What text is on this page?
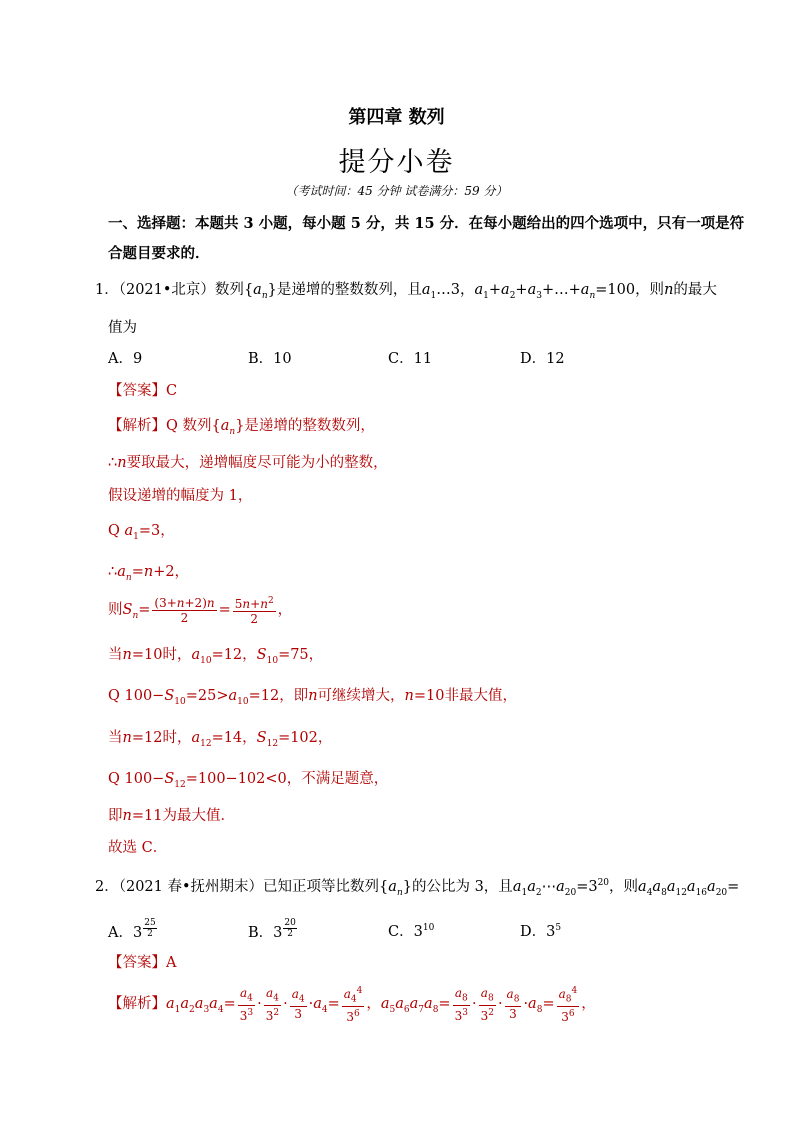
第四章 数列
提分小卷
（考试时间：45 分钟 试卷满分：59 分）
一、选择题：本题共 3 小题，每小题 5 分，共 15 分．在每小题给出的四个选项中，只有一项是符
合题目要求的．
1．（2021•北京）数列$\{a_n\}$是递增的整数数列，且$a_1\dots 3$，$a_1+a_2+a_3+\dots+a_n=100$，则n的最大
值为
A．9	B．10	C．11	D．12
【答案】C
【解析】Q 数列$\{a_n\}$是递增的整数数列，
∴n要取最大，递增幅度尽可能为小的整数，
假设递增的幅度为 1，
Q $a_1=3$，
$\therefore a_n=n+2$，
则$S_n= \frac{(3+n+2)n}{2} = \frac{5n+n^2}{2}$ ，
当n=10时，$a_{10}=12$，$S_{10}=75$，
Q $100-S_{10}=25>a_{10}=12$，即n可继续增大，n=10非最大值，
当n=12时，$a_{12}=14$，$S_{12}=102$，
Q $100-S_{12}=100-102<0$，不满足题意，
即n=11为最大值．
故选 C．
2．（2021 春•抚州期末）已知正项等比数列$\{a_n\}$的公比为 3，且$a_1a_2\cdots a_{20}=3^{20}$，则$a_4a_8a_{12}a_{16}a_{20}=$
A．3 $^{\frac{25}{2}}$	B．3 $^{\frac{20}{2}}$	C．$3^{10}$	D．$3^5$
【答案】A
【解析】$a_1a_2a_3a_4= \frac{a_4}{3^3} \cdot \frac{a_4}{3^2} \cdot \frac{a_4}{3} \cdot a_4= \frac{a_4^4}{3^6}$ ，$a_5a_6a_7a_8= \frac{a_8}{3^3} \cdot \frac{a_8}{3^2} \cdot \frac{a_8}{3} \cdot a_8= \frac{a_8^4}{3^6}$ ，
